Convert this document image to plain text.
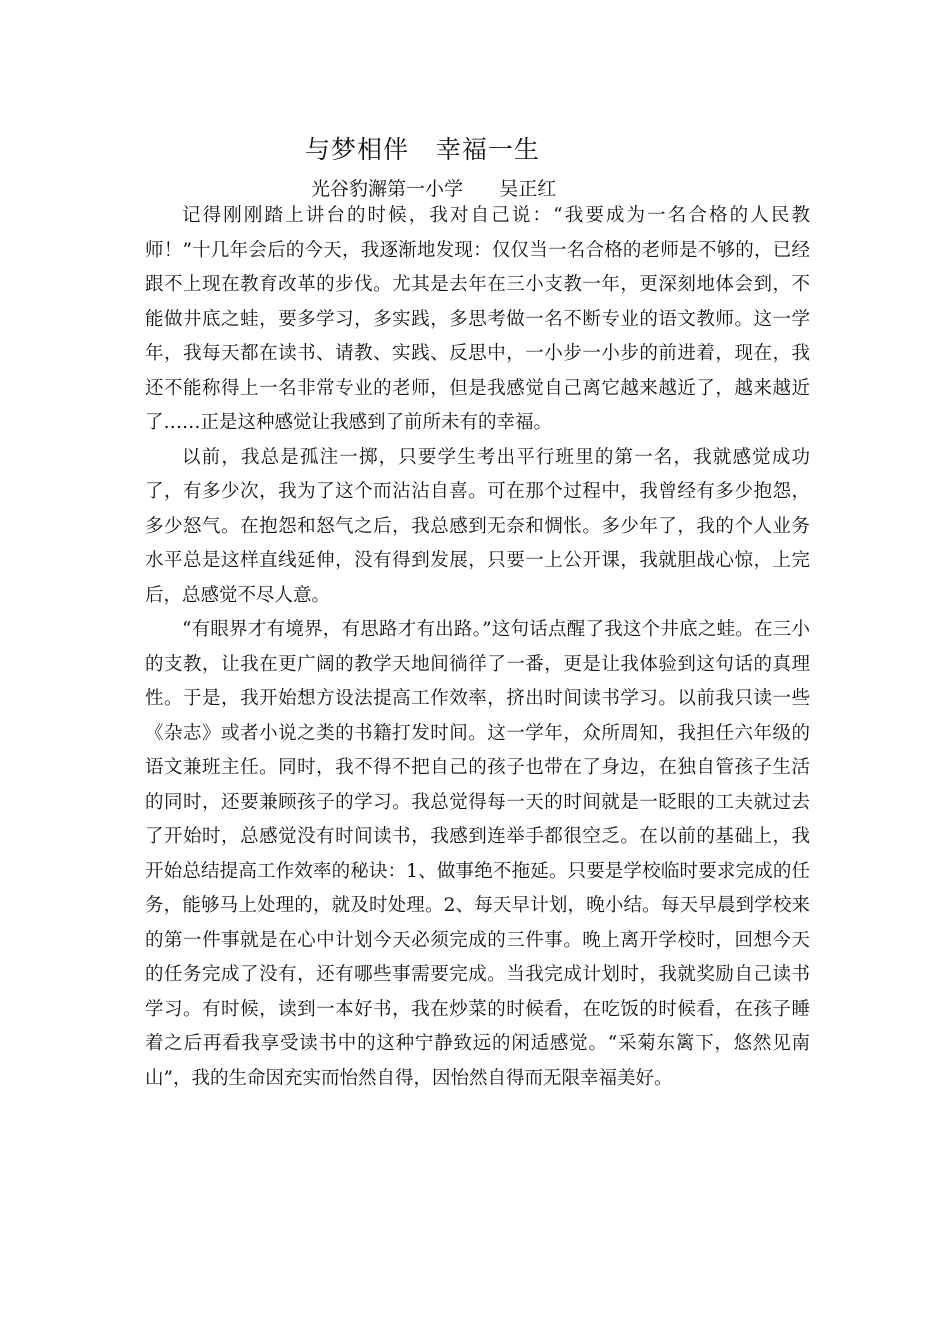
与梦相伴   幸福一生
光谷豹澥第一小学      吴正红

记得刚刚踏上讲台的时候，我对自己说：“我要成为一名合格的人民教师！”十几年会后的今天，我逐渐地发现：仅仅当一名合格的老师是不够的，已经跟不上现在教育改革的步伐。尤其是去年在三小支教一年，更深刻地体会到，不能做井底之蛙，要多学习，多实践，多思考做一名不断专业的语文教师。这一学年，我每天都在读书、请教、实践、反思中，一小步一小步的前进着，现在，我还不能称得上一名非常专业的老师，但是我感觉自己离它越来越近了，越来越近了……正是这种感觉让我感到了前所未有的幸福。

以前，我总是孤注一掷，只要学生考出平行班里的第一名，我就感觉成功了，有多少次，我为了这个而沾沾自喜。可在那个过程中，我曾经有多少抱怨，多少怒气。在抱怨和怒气之后，我总感到无奈和惆怅。多少年了，我的个人业务水平总是这样直线延伸，没有得到发展，只要一上公开课，我就胆战心惊，上完后，总感觉不尽人意。

“有眼界才有境界，有思路才有出路。”这句话点醒了我这个井底之蛙。在三小的支教，让我在更广阔的教学天地间徜徉了一番，更是让我体验到这句话的真理性。于是，我开始想方设法提高工作效率，挤出时间读书学习。以前我只读一些《杂志》或者小说之类的书籍打发时间。这一学年，众所周知，我担任六年级的语文兼班主任。同时，我不得不把自己的孩子也带在了身边，在独自管孩子生活的同时，还要兼顾孩子的学习。我总觉得每一天的时间就是一眨眼的工夫就过去了开始时，总感觉没有时间读书，我感到连举手都很空乏。在以前的基础上，我开始总结提高工作效率的秘诀：1、做事绝不拖延。只要是学校临时要求完成的任务，能够马上处理的，就及时处理。2、每天早计划，晚小结。每天早晨到学校来的第一件事就是在心中计划今天必须完成的三件事。晚上离开学校时，回想今天的任务完成了没有，还有哪些事需要完成。当我完成计划时，我就奖励自己读书学习。有时候，读到一本好书，我在炒菜的时候看，在吃饭的时候看，在孩子睡着之后再看我享受读书中的这种宁静致远的闲适感觉。“采菊东篱下，悠然见南山”，我的生命因充实而怡然自得，因怡然自得而无限幸福美好。
